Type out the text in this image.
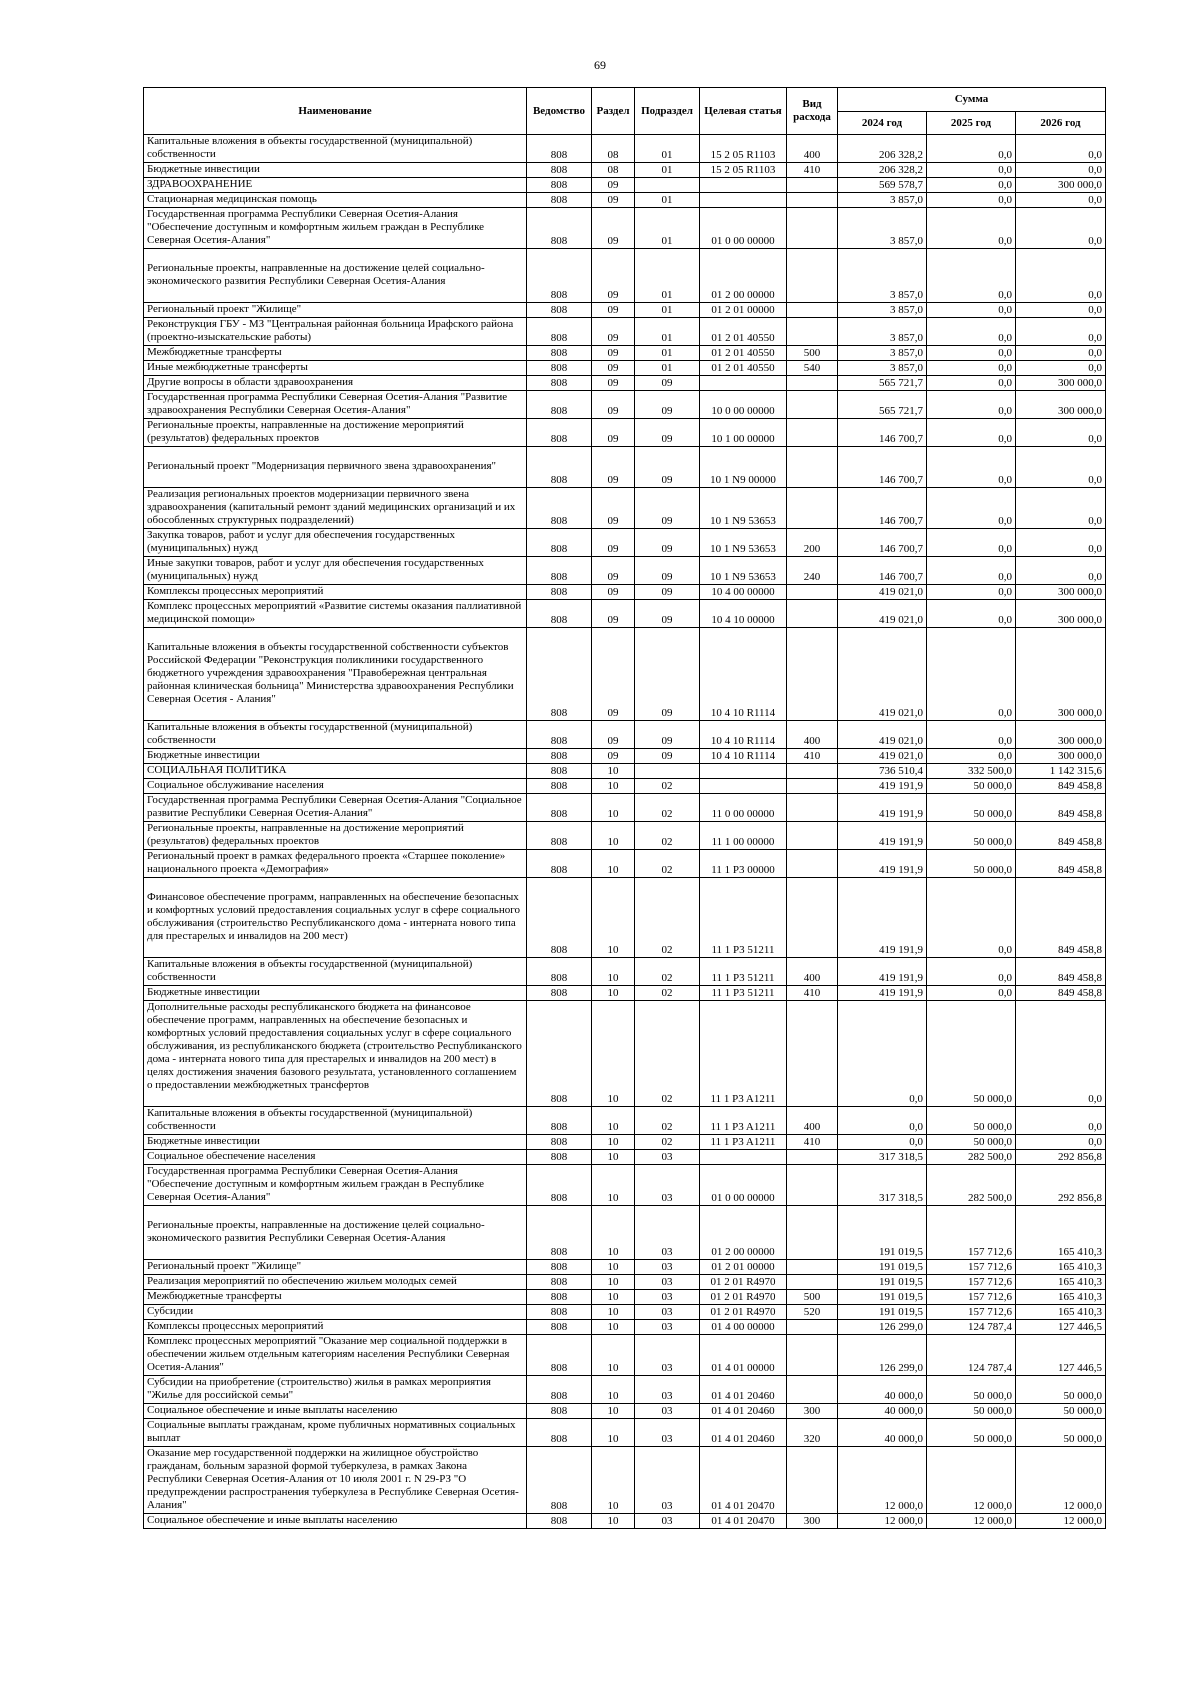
69
Наименование	Ведомство	Раздел	Подраздел	Целевая статья	Вид расхода	Сумма		
						2024 год	2025 год	2026 год
Капитальные вложения в объекты государственной (муниципальной) собственности	808	08	01	15 2 05 R1103	400	206 328,2	0,0	0,0
Бюджетные инвестиции	808	08	01	15 2 05 R1103	410	206 328,2	0,0	0,0
ЗДРАВООХРАНЕНИЕ	808	09				569 578,7	0,0	300 000,0
Стационарная медицинская помощь	808	09	01			3 857,0	0,0	0,0
Государственная программа Республики Северная Осетия-Алания "Обеспечение доступным и комфортным жильем граждан в Республике Северная Осетия-Алания"	808	09	01	01 0 00 00000		3 857,0	0,0	0,0

Региональные проекты, направленные на достижение целей социально-экономического развития Республики Северная Осетия-Алания	808	09	01	01 2 00 00000		3 857,0	0,0	0,0
Региональный проект "Жилище"	808	09	01	01 2 01 00000		3 857,0	0,0	0,0
Реконструкция ГБУ - МЗ "Центральная районная больница Ирафского района (проектно-изыскательские работы)	808	09	01	01 2 01 40550		3 857,0	0,0	0,0
Межбюджетные трансферты	808	09	01	01 2 01 40550	500	3 857,0	0,0	0,0
Иные межбюджетные трансферты	808	09	01	01 2 01 40550	540	3 857,0	0,0	0,0
Другие вопросы в области здравоохранения	808	09	09			565 721,7	0,0	300 000,0
Государственная программа Республики Северная Осетия-Алания "Развитие здравоохранения Республики Северная Осетия-Алания"	808	09	09	10 0 00 00000		565 721,7	0,0	300 000,0
Региональные проекты, направленные на достижение мероприятий (результатов) федеральных проектов	808	09	09	10 1 00 00000		146 700,7	0,0	0,0

Региональный проект "Модернизация первичного звена здравоохранения"	808	09	09	10 1 N9 00000		146 700,7	0,0	0,0
Реализация региональных проектов модернизации первичного звена здравоохранения (капитальный ремонт зданий медицинских организаций и их обособленных структурных подразделений)	808	09	09	10 1 N9 53653		146 700,7	0,0	0,0
Закупка товаров, работ и услуг для обеспечения государственных (муниципальных) нужд	808	09	09	10 1 N9 53653	200	146 700,7	0,0	0,0
Иные закупки товаров, работ и услуг для обеспечения государственных (муниципальных) нужд	808	09	09	10 1 N9 53653	240	146 700,7	0,0	0,0
Комплексы процессных мероприятий	808	09	09	10 4 00 00000		419 021,0	0,0	300 000,0
Комплекс процессных мероприятий «Развитие системы оказания паллиативной медицинской помощи»	808	09	09	10 4 10 00000		419 021,0	0,0	300 000,0

Капитальные вложения в объекты государственной собственности субъектов Российской Федерации "Реконструкция поликлиники государственного бюджетного учреждения здравоохранения "Правобережная центральная районная клиническая больница" Министерства здравоохранения Республики Северная Осетия - Алания"	808	09	09	10 4 10 R1114		419 021,0	0,0	300 000,0
Капитальные вложения в объекты государственной (муниципальной) собственности	808	09	09	10 4 10 R1114	400	419 021,0	0,0	300 000,0
Бюджетные инвестиции	808	09	09	10 4 10 R1114	410	419 021,0	0,0	300 000,0
СОЦИАЛЬНАЯ ПОЛИТИКА	808	10				736 510,4	332 500,0	1 142 315,6
Социальное обслуживание населения	808	10	02			419 191,9	50 000,0	849 458,8
Государственная программа Республики Северная Осетия-Алания "Социальное развитие Республики Северная Осетия-Алания"	808	10	02	11 0 00 00000		419 191,9	50 000,0	849 458,8
Региональные проекты, направленные на достижение мероприятий (результатов) федеральных проектов	808	10	02	11 1 00 00000		419 191,9	50 000,0	849 458,8
Региональный проект в рамках федерального проекта «Старшее поколение» национального проекта «Демография»	808	10	02	11 1 P3 00000		419 191,9	50 000,0	849 458,8

Финансовое обеспечение программ, направленных на обеспечение безопасных и комфортных условий предоставления социальных услуг в сфере социального обслуживания (строительство Республиканского дома - интерната нового типа для престарелых и инвалидов на 200 мест)	808	10	02	11 1 P3 51211		419 191,9	0,0	849 458,8
Капитальные вложения в объекты государственной (муниципальной) собственности	808	10	02	11 1 P3 51211	400	419 191,9	0,0	849 458,8
Бюджетные инвестиции	808	10	02	11 1 P3 51211	410	419 191,9	0,0	849 458,8
Дополнительные расходы республиканского бюджета на финансовое обеспечение программ, направленных на обеспечение безопасных и комфортных условий предоставления социальных услуг в сфере социального обслуживания, из республиканского бюджета (строительство Республиканского дома - интерната нового типа для престарелых и инвалидов на 200 мест) в целях достижения значения базового результата, установленного соглашением о предоставлении межбюджетных трансфертов	808	10	02	11 1 P3 A1211		0,0	50 000,0	0,0
Капитальные вложения в объекты государственной (муниципальной) собственности	808	10	02	11 1 P3 A1211	400	0,0	50 000,0	0,0
Бюджетные инвестиции	808	10	02	11 1 P3 A1211	410	0,0	50 000,0	0,0
Социальное обеспечение населения	808	10	03			317 318,5	282 500,0	292 856,8
Государственная программа Республики Северная Осетия-Алания "Обеспечение доступным и комфортным жильем граждан в Республике Северная Осетия-Алания"	808	10	03	01 0 00 00000		317 318,5	282 500,0	292 856,8

Региональные проекты, направленные на достижение целей социально-экономического развития Республики Северная Осетия-Алания	808	10	03	01 2 00 00000		191 019,5	157 712,6	165 410,3
Региональный проект "Жилище"	808	10	03	01 2 01 00000		191 019,5	157 712,6	165 410,3
Реализация мероприятий по обеспечению жильем молодых семей	808	10	03	01 2 01 R4970		191 019,5	157 712,6	165 410,3
Межбюджетные трансферты	808	10	03	01 2 01 R4970	500	191 019,5	157 712,6	165 410,3
Субсидии	808	10	03	01 2 01 R4970	520	191 019,5	157 712,6	165 410,3
Комплексы процессных мероприятий	808	10	03	01 4 00 00000		126 299,0	124 787,4	127 446,5
Комплекс процессных мероприятий "Оказание мер социальной поддержки в обеспечении жильем отдельным категориям населения Республики Северная Осетия-Алания"	808	10	03	01 4 01 00000		126 299,0	124 787,4	127 446,5
Субсидии на приобретение (строительство) жилья в рамках мероприятия "Жилье для российской семьи"	808	10	03	01 4 01 20460		40 000,0	50 000,0	50 000,0
Социальное обеспечение и иные выплаты населению	808	10	03	01 4 01 20460	300	40 000,0	50 000,0	50 000,0
Социальные выплаты гражданам, кроме публичных нормативных социальных выплат	808	10	03	01 4 01 20460	320	40 000,0	50 000,0	50 000,0
Оказание мер государственной поддержки на жилищное обустройство гражданам, больным заразной формой туберкулеза, в рамках Закона Республики Северная Осетия-Алания от 10 июля 2001 г. N 29-РЗ "О предупреждении распространения туберкулеза в Республике Северная Осетия-Алания"	808	10	03	01 4 01 20470		12 000,0	12 000,0	12 000,0
Социальное обеспечение и иные выплаты населению	808	10	03	01 4 01 20470	300	12 000,0	12 000,0	12 000,0
